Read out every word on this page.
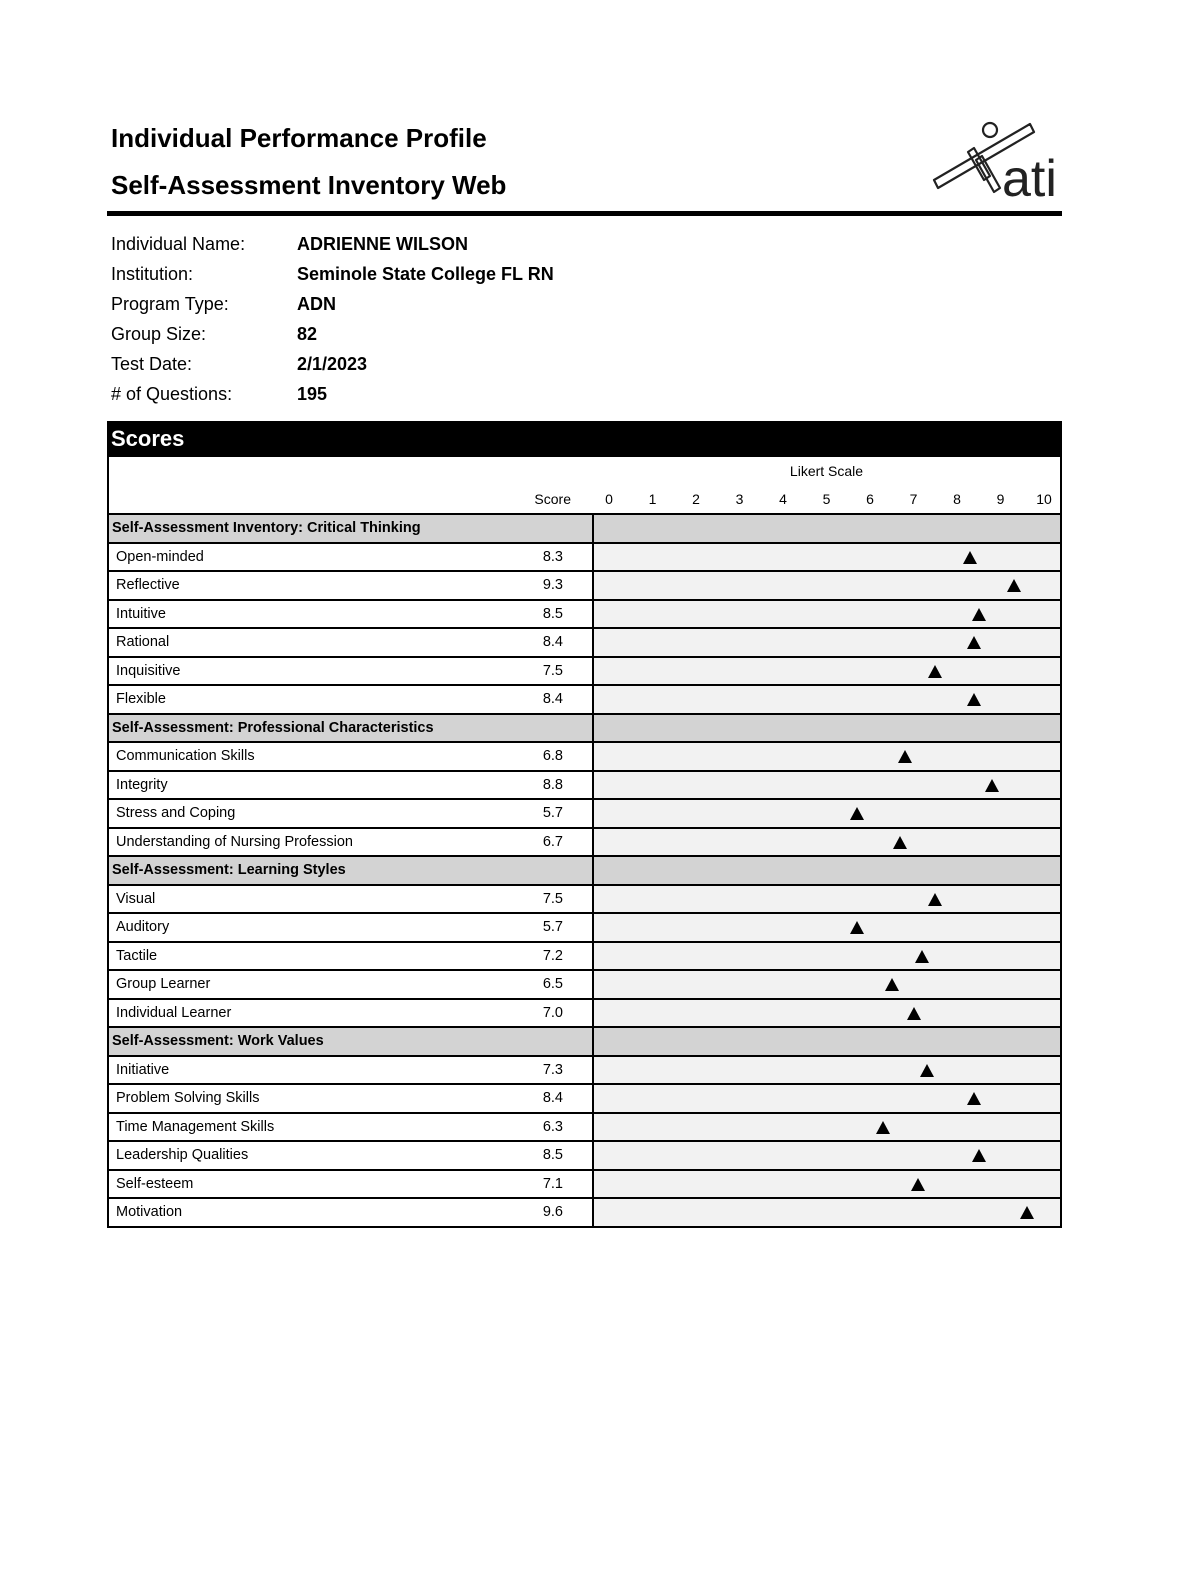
Individual Performance Profile
Self-Assessment Inventory Web	ati
Individual Name:	ADRIENNE WILSON
Institution:	Seminole State College FL RN
Program Type:	ADN
Group Size:	82
Test Date:	2/1/2023
# of Questions:	195
Scores
Likert Scale
Score	0	1	2	3	4	5	6	7	8	9	10
Self-Assessment Inventory: Critical Thinking
Open-minded	8.3
Reflective	9.3
Intuitive	8.5
Rational	8.4
Inquisitive	7.5
Flexible	8.4
Self-Assessment: Professional Characteristics
Communication Skills	6.8
Integrity	8.8
Stress and Coping	5.7
Understanding of Nursing Profession	6.7
Self-Assessment: Learning Styles
Visual	7.5
Auditory	5.7
Tactile	7.2
Group Learner	6.5
Individual Learner	7.0
Self-Assessment: Work Values
Initiative	7.3
Problem Solving Skills	8.4
Time Management Skills	6.3
Leadership Qualities	8.5
Self-esteem	7.1
Motivation	9.6
